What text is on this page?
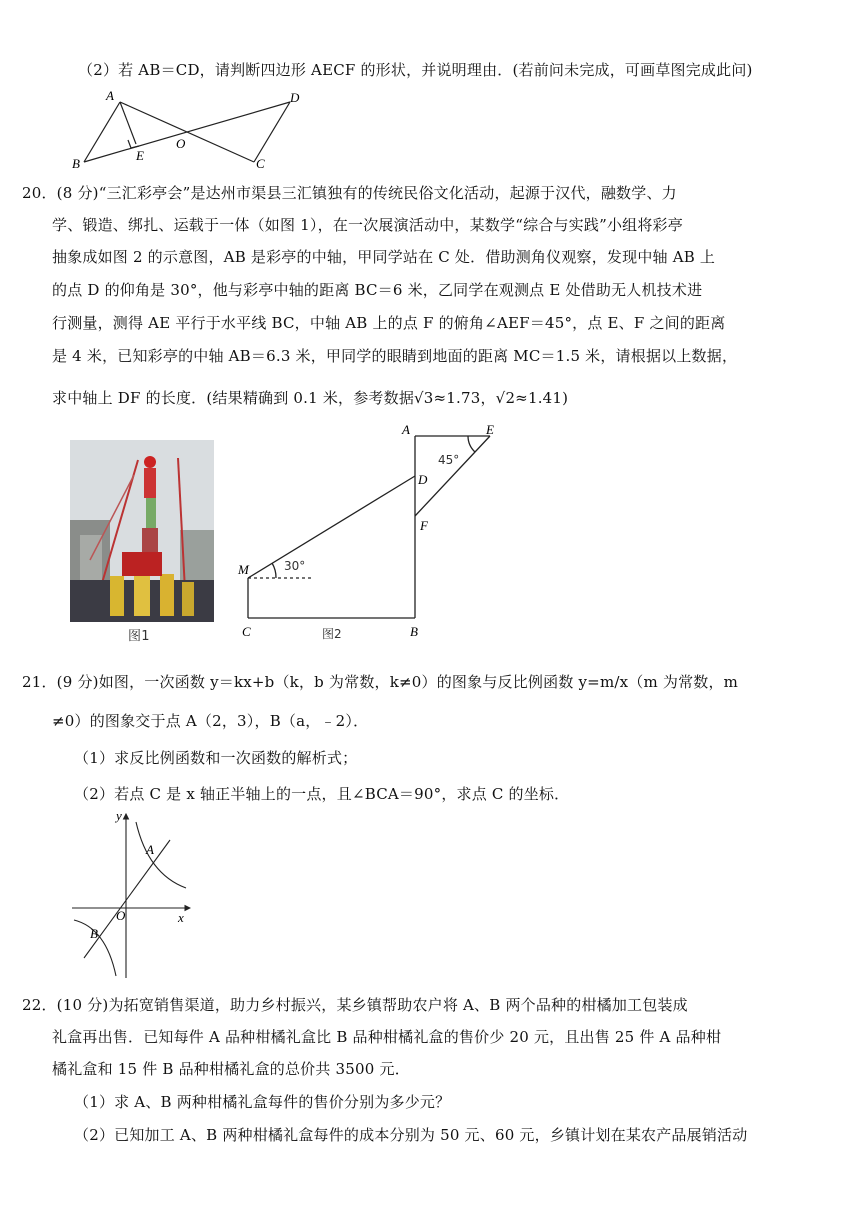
（2）若 AB＝CD，请判断四边形 AECF 的形状，并说明理由．(若前问未完成，可画草图完成此问)
A
B	C
D
E
O
20．(8 分)“三汇彩亭会”是达州市渠县三汇镇独有的传统民俗文化活动，起源于汉代，融数学、力
学、锻造、绑扎、运载于一体（如图 1），在一次展演活动中，某数学“综合与实践”小组将彩亭
抽象成如图 2 的示意图，AB 是彩亭的中轴，甲同学站在 C 处．借助测角仪观察，发现中轴 AB 上
的点 D 的仰角是 30°，他与彩亭中轴的距离 BC＝6 米，乙同学在观测点 E 处借助无人机技术进
行测量，测得 AE 平行于水平线 BC，中轴 AB 上的点 F 的俯角∠AEF＝45°，点 E、F 之间的距离
是 4 米，已知彩亭的中轴 AB＝6.3 米，甲同学的眼睛到地面的距离 MC＝1.5 米，请根据以上数据，
求中轴上 DF 的长度．(结果精确到 0.1 米，参考数据√3≈1.73，√2≈1.41)
图1
A	E
D
F
M
C	B
45°
30°
图2
21．(9 分)如图，一次函数 y＝kx+b（k，b 为常数，k≠0）的图象与反比例函数 y=m/x（m 为常数，m
≠0）的图象交于点 A（2，3），B（a，﹣2）．
（1）求反比例函数和一次函数的解析式；
（2）若点 C 是 x 轴正半轴上的一点，且∠BCA＝90°，求点 C 的坐标．
y
x
O
A
B
22．(10 分)为拓宽销售渠道，助力乡村振兴，某乡镇帮助农户将 A、B 两个品种的柑橘加工包装成
礼盒再出售．已知每件 A 品种柑橘礼盒比 B 品种柑橘礼盒的售价少 20 元，且出售 25 件 A 品种柑
橘礼盒和 15 件 B 品种柑橘礼盒的总价共 3500 元．
（1）求 A、B 两种柑橘礼盒每件的售价分别为多少元？
（2）已知加工 A、B 两种柑橘礼盒每件的成本分别为 50 元、60 元，乡镇计划在某农产品展销活动
